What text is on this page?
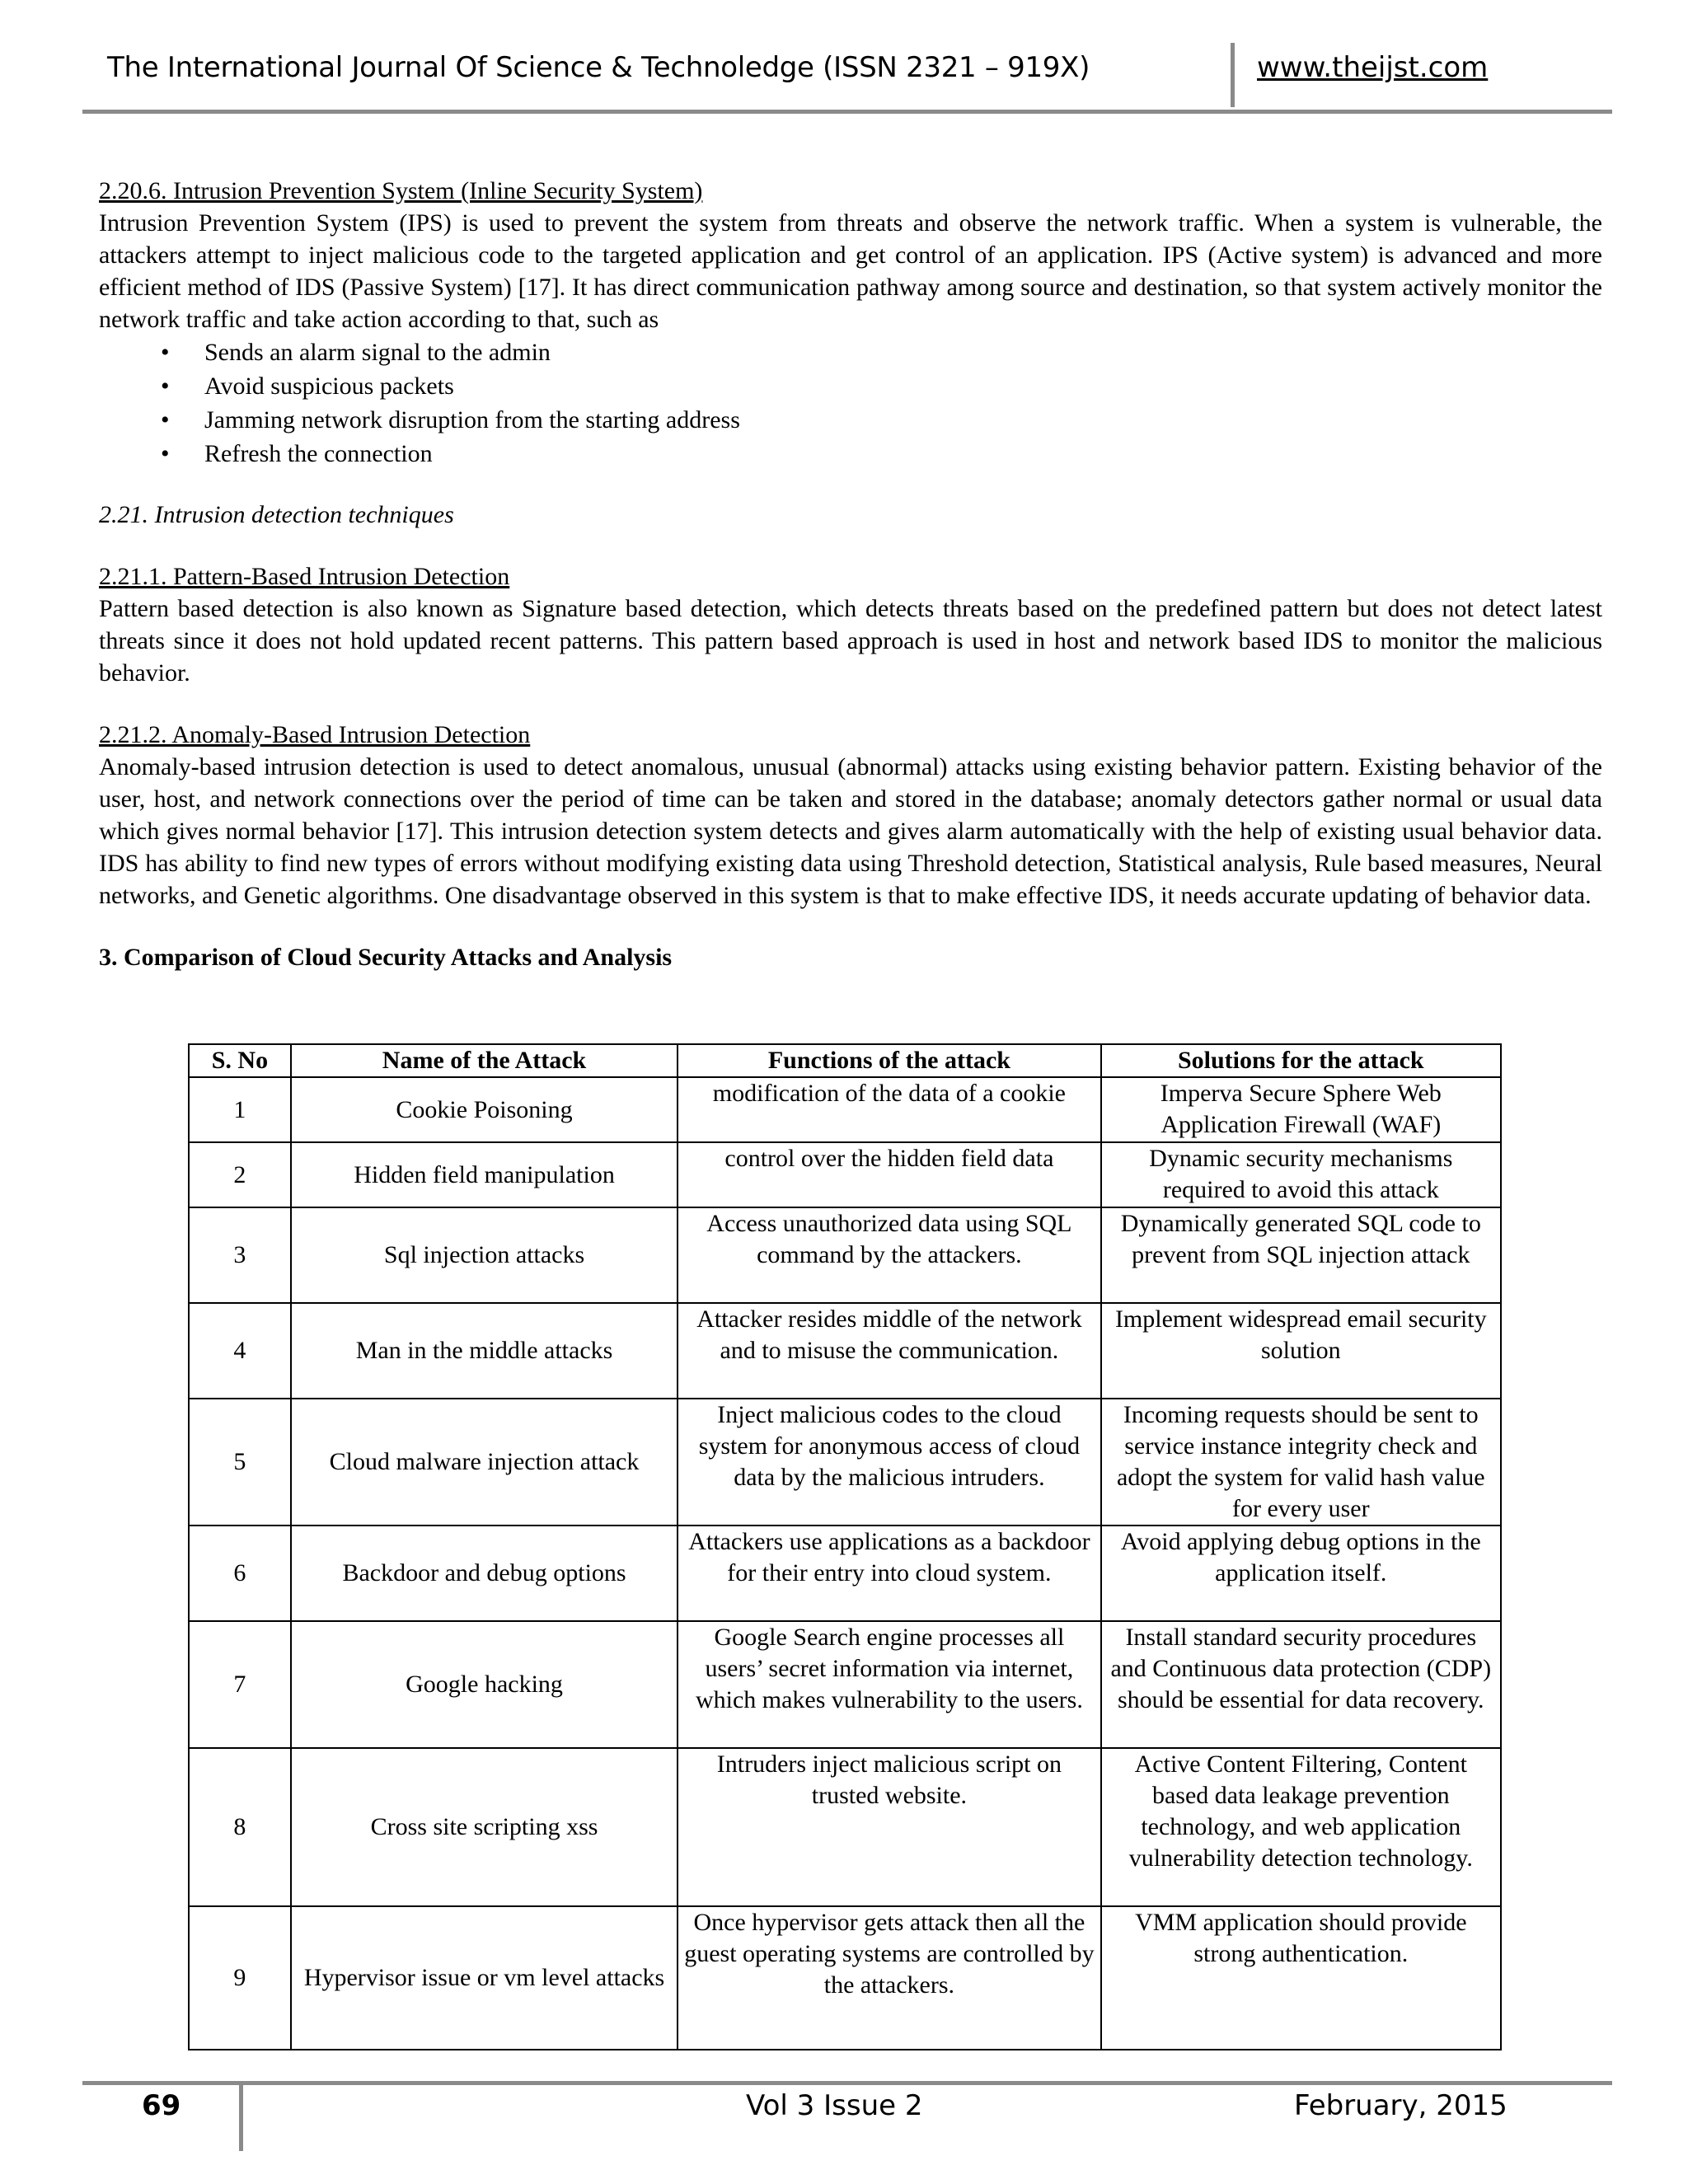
The International Journal Of Science & Technoledge (ISSN 2321 – 919X)	www.theijst.com
2.20.6. Intrusion Prevention System (Inline Security System)

Intrusion Prevention System (IPS) is used to prevent the system from threats and observe the network traffic. When a system is vulnerable, the attackers attempt to inject malicious code to the targeted application and get control of an application. IPS (Active system) is advanced and more efficient method of IDS (Passive System) [17]. It has direct communication pathway among source and destination, so that system actively monitor the network traffic and take action according to that, such as

• Sends an alarm signal to the admin
• Avoid suspicious packets
• Jamming network disruption from the starting address
• Refresh the connection
2.21. Intrusion detection techniques
2.21.1. Pattern-Based Intrusion Detection

Pattern based detection is also known as Signature based detection, which detects threats based on the predefined pattern but does not detect latest threats since it does not hold updated recent patterns. This pattern based approach is used in host and network based IDS to monitor the malicious behavior.

2.21.2. Anomaly-Based Intrusion Detection

Anomaly-based intrusion detection is used to detect anomalous, unusual (abnormal) attacks using existing behavior pattern. Existing behavior of the user, host, and network connections over the period of time can be taken and stored in the database; anomaly detectors gather normal or usual data which gives normal behavior [17]. This intrusion detection system detects and gives alarm automatically with the help of existing usual behavior data. IDS has ability to find new types of errors without modifying existing data using Threshold detection, Statistical analysis, Rule based measures, Neural networks, and Genetic algorithms. One disadvantage observed in this system is that to make effective IDS, it needs accurate updating of behavior data.

3. Comparison of Cloud Security Attacks and Analysis
S. No	Name of the Attack	Functions of the attack	Solutions for the attack
1	Cookie Poisoning	modification of the data of a cookie	Imperva Secure Sphere Web Application Firewall (WAF)
2	Hidden field manipulation	control over the hidden field data	Dynamic security mechanisms required to avoid this attack
3	Sql injection attacks	Access unauthorized data using SQL command by the attackers.	Dynamically generated SQL code to prevent from SQL injection attack
4	Man in the middle attacks	Attacker resides middle of the network and to misuse the communication.	Implement widespread email security solution
5	Cloud malware injection attack	Inject malicious codes to the cloud system for anonymous access of cloud data by the malicious intruders.	Incoming requests should be sent to service instance integrity check and adopt the system for valid hash value for every user
6	Backdoor and debug options	Attackers use applications as a backdoor for their entry into cloud system.	Avoid applying debug options in the application itself.
7	Google hacking	Google Search engine processes all users’ secret information via internet, which makes vulnerability to the users.	Install standard security procedures and Continuous data protection (CDP) should be essential for data recovery.
8	Cross site scripting xss	Intruders inject malicious script on trusted website.	Active Content Filtering, Content based data leakage prevention technology, and web application vulnerability detection technology.
9	Hypervisor issue or vm level attacks	Once hypervisor gets attack then all the guest operating systems are controlled by the attackers.	VMM application should provide strong authentication.
69	Vol 3 Issue 2	February, 2015
